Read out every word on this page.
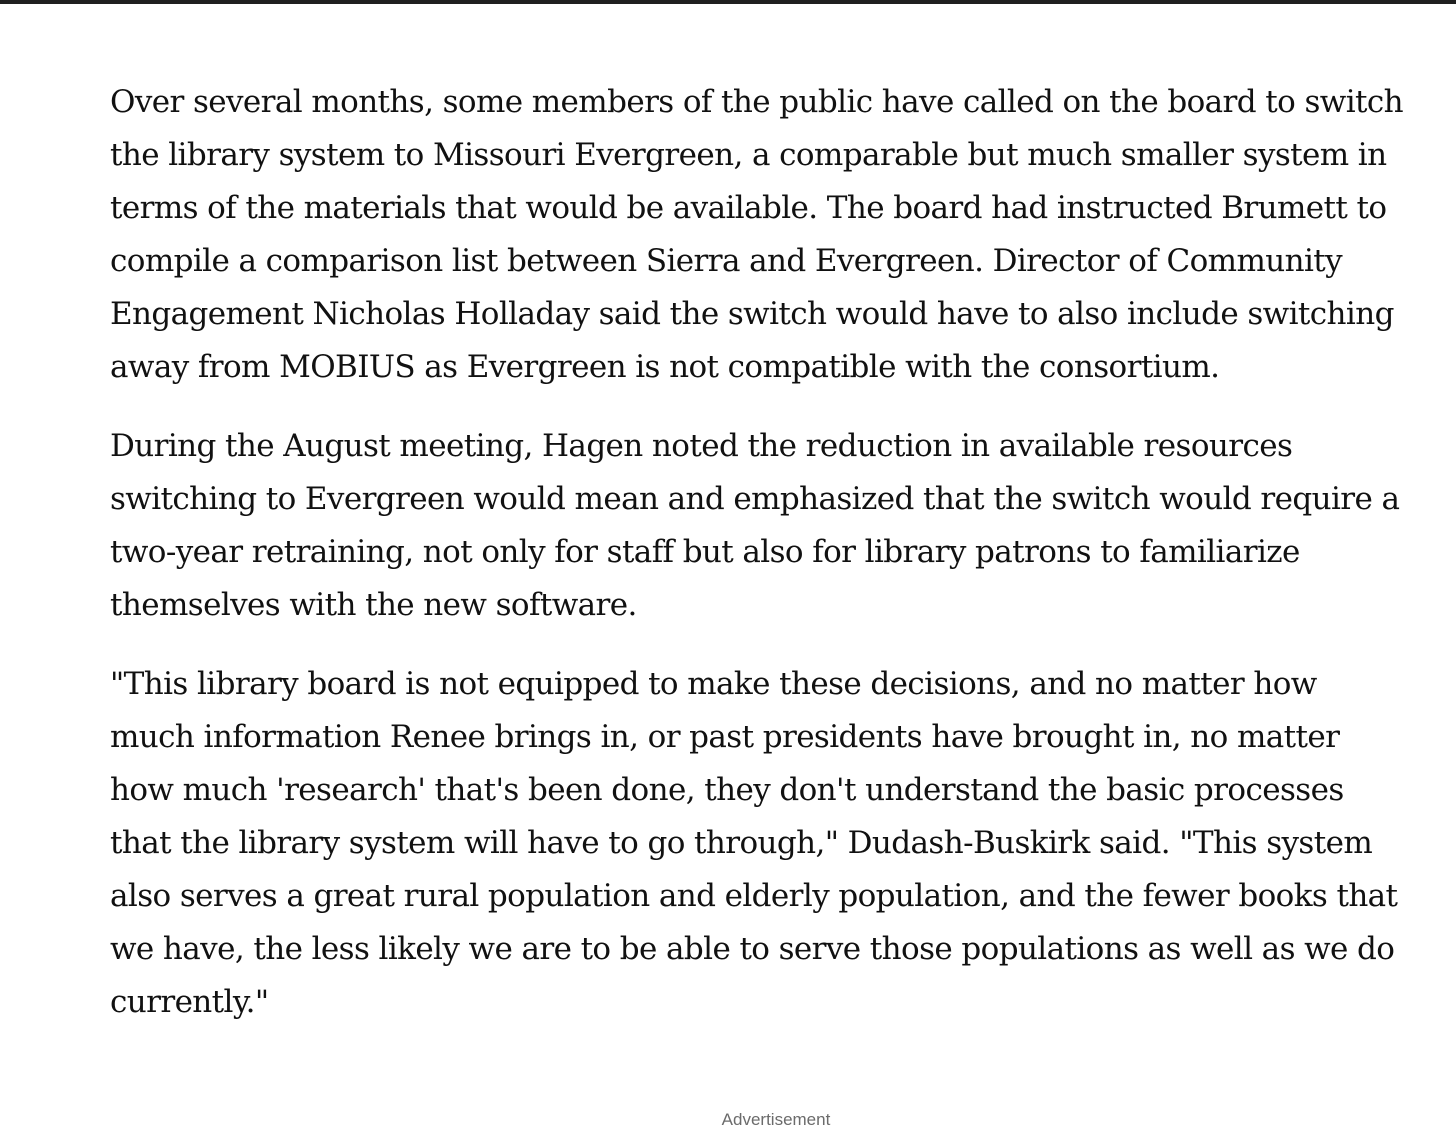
Over several months, some members of the public have called on the board to switch the library system to Missouri Evergreen, a comparable but much smaller system in terms of the materials that would be available. The board had instructed Brumett to compile a comparison list between Sierra and Evergreen. Director of Community Engagement Nicholas Holladay said the switch would have to also include switching away from MOBIUS as Evergreen is not compatible with the consortium.

During the August meeting, Hagen noted the reduction in available resources switching to Evergreen would mean and emphasized that the switch would require a two-year retraining, not only for staff but also for library patrons to familiarize themselves with the new software.

"This library board is not equipped to make these decisions, and no matter how much information Renee brings in, or past presidents have brought in, no matter how much 'research' that's been done, they don't understand the basic processes that the library system will have to go through," Dudash-Buskirk said. "This system also serves a great rural population and elderly population, and the fewer books that we have, the less likely we are to be able to serve those populations as well as we do currently."

Advertisement
